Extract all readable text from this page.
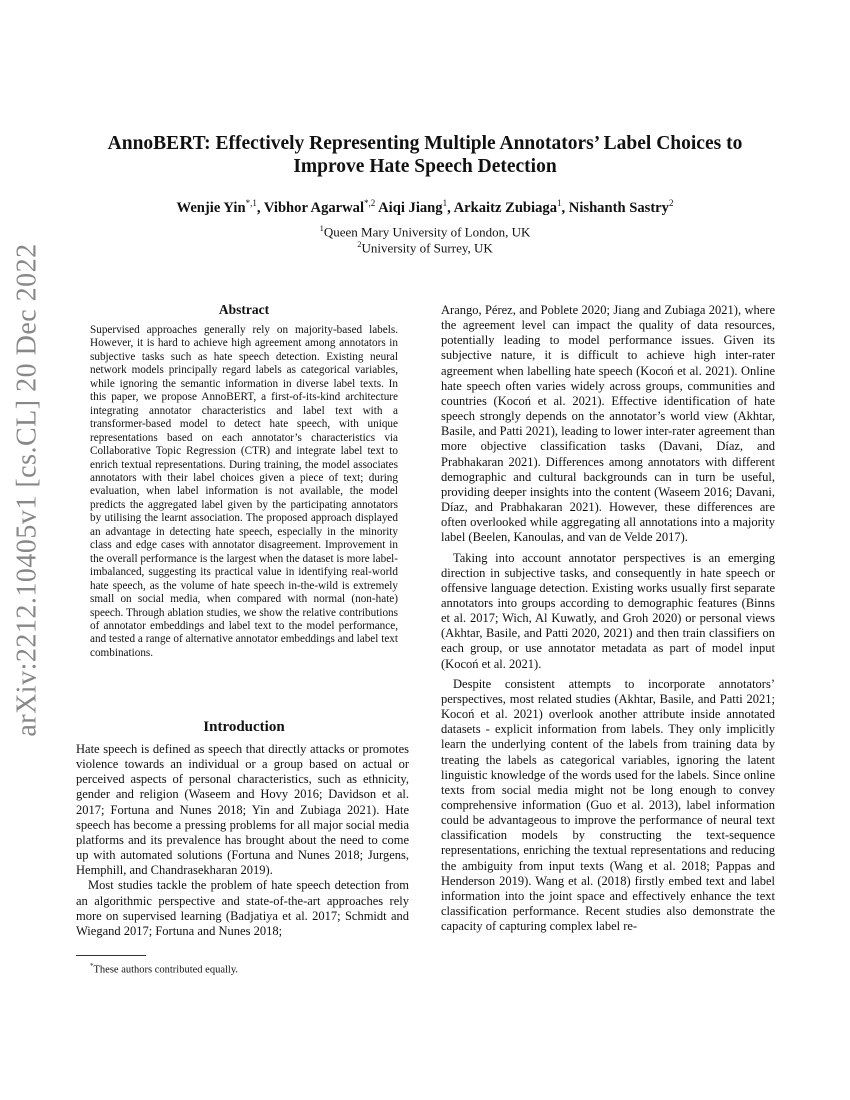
arXiv:2212.10405v1 [cs.CL] 20 Dec 2022
AnnoBERT: Effectively Representing Multiple Annotators’ Label Choices to Improve Hate Speech Detection
Wenjie Yin$^{*,1}$, Vibhor Agarwal$^{*,2}$ Aiqi Jiang$^1$, Arkaitz Zubiaga$^1$, Nishanth Sastry$^2$
$^1$Queen Mary University of London, UK
$^2$University of Surrey, UK
Abstract

Supervised approaches generally rely on majority-based labels. However, it is hard to achieve high agreement among annotators in subjective tasks such as hate speech detection. Existing neural network models principally regard labels as categorical variables, while ignoring the semantic information in diverse label texts. In this paper, we propose AnnoBERT, a first-of-its-kind architecture integrating annotator characteristics and label text with a transformer-based model to detect hate speech, with unique representations based on each annotator’s characteristics via Collaborative Topic Regression (CTR) and integrate label text to enrich textual representations. During training, the model associates annotators with their label choices given a piece of text; during evaluation, when label information is not available, the model predicts the aggregated label given by the participating annotators by utilising the learnt association. The proposed approach displayed an advantage in detecting hate speech, especially in the minority class and edge cases with annotator disagreement. Improvement in the overall performance is the largest when the dataset is more label-imbalanced, suggesting its practical value in identifying real-world hate speech, as the volume of hate speech in-the-wild is extremely small on social media, when compared with normal (non-hate) speech. Through ablation studies, we show the relative contributions of annotator embeddings and label text to the model performance, and tested a range of alternative annotator embeddings and label text combinations.

Introduction

Hate speech is defined as speech that directly attacks or promotes violence towards an individual or a group based on actual or perceived aspects of personal characteristics, such as ethnicity, gender and religion (Waseem and Hovy 2016; Davidson et al. 2017; Fortuna and Nunes 2018; Yin and Zubiaga 2021). Hate speech has become a pressing problems for all major social media platforms and its prevalence has brought about the need to come up with automated solutions (Fortuna and Nunes 2018; Jurgens, Hemphill, and Chandrasekharan 2019).

Most studies tackle the problem of hate speech detection from an algorithmic perspective and state-of-the-art approaches rely more on supervised learning (Badjatiya et al. 2017; Schmidt and Wiegand 2017; Fortuna and Nunes 2018;

*These authors contributed equally.

Arango, Pérez, and Poblete 2020; Jiang and Zubiaga 2021), where the agreement level can impact the quality of data resources, potentially leading to model performance issues. Given its subjective nature, it is difficult to achieve high inter-rater agreement when labelling hate speech (Kocoń et al. 2021). Online hate speech often varies widely across groups, communities and countries (Kocoń et al. 2021). Effective identification of hate speech strongly depends on the annotator’s world view (Akhtar, Basile, and Patti 2021), leading to lower inter-rater agreement than more objective classification tasks (Davani, Díaz, and Prabhakaran 2021). Differences among annotators with different demographic and cultural backgrounds can in turn be useful, providing deeper insights into the content (Waseem 2016; Davani, Díaz, and Prabhakaran 2021). However, these differences are often overlooked while aggregating all annotations into a majority label (Beelen, Kanoulas, and van de Velde 2017).

Taking into account annotator perspectives is an emerging direction in subjective tasks, and consequently in hate speech or offensive language detection. Existing works usually first separate annotators into groups according to demographic features (Binns et al. 2017; Wich, Al Kuwatly, and Groh 2020) or personal views (Akhtar, Basile, and Patti 2020, 2021) and then train classifiers on each group, or use annotator metadata as part of model input (Kocoń et al. 2021).

Despite consistent attempts to incorporate annotators’ perspectives, most related studies (Akhtar, Basile, and Patti 2021; Kocoń et al. 2021) overlook another attribute inside annotated datasets - explicit information from labels. They only implicitly learn the underlying content of the labels from training data by treating the labels as categorical variables, ignoring the latent linguistic knowledge of the words used for the labels. Since online texts from social media might not be long enough to convey comprehensive information (Guo et al. 2013), label information could be advantageous to improve the performance of neural text classification models by constructing the text-sequence representations, enriching the textual representations and reducing the ambiguity from input texts (Wang et al. 2018; Pappas and Henderson 2019). Wang et al. (2018) firstly embed text and label information into the joint space and effectively enhance the text classification performance. Recent studies also demonstrate the capacity of capturing complex label re-
